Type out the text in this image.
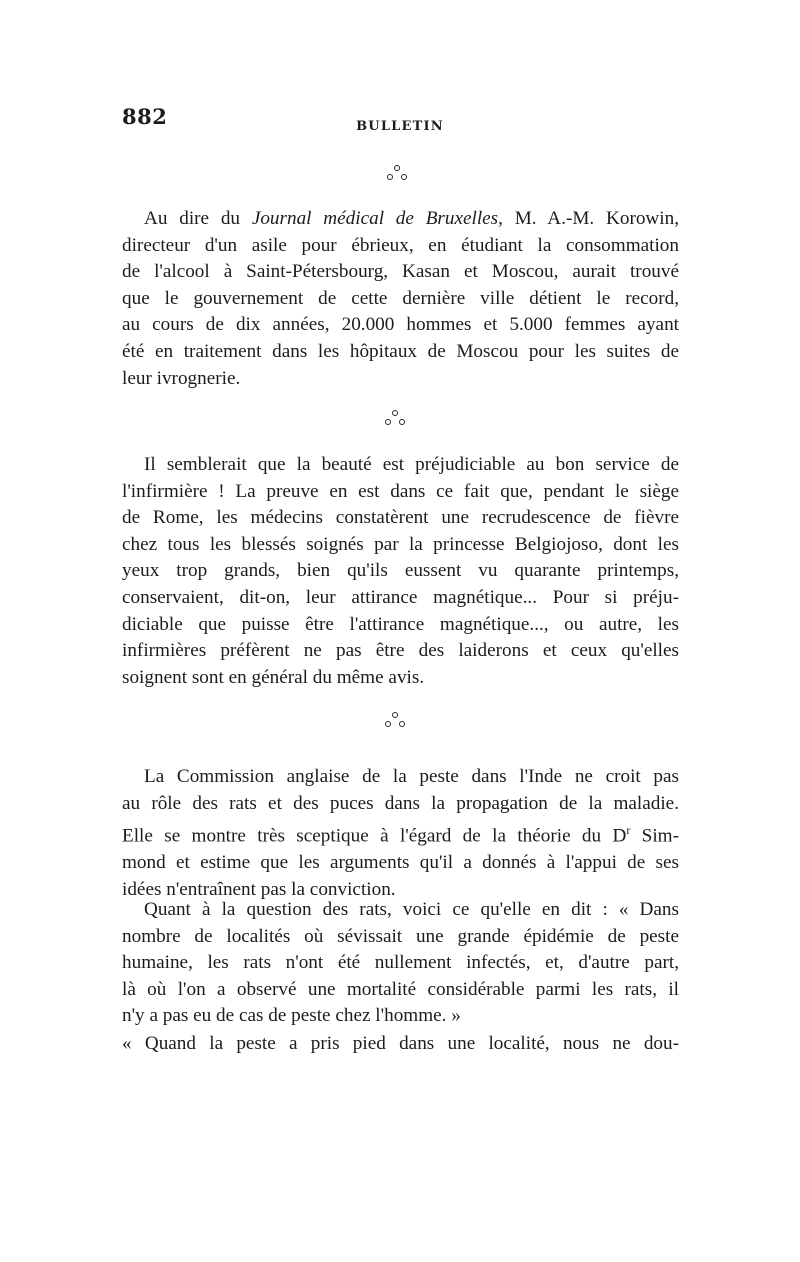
882	BULLETIN
Au dire du Journal médical de Bruxelles, M. A.-M. Korowin,
directeur d'un asile pour ébrieux, en étudiant la consommation
de l'alcool à Saint-Pétersbourg, Kasan et Moscou, aurait trouvé
que le gouvernement de cette dernière ville détient le record,
au cours de dix années, 20.000 hommes et 5.000 femmes ayant
été en traitement dans les hôpitaux de Moscou pour les suites de
leur ivrognerie.
Il semblerait que la beauté est préjudiciable au bon service de
l'infirmière ! La preuve en est dans ce fait que, pendant le siège
de Rome, les médecins constatèrent une recrudescence de fièvre
chez tous les blessés soignés par la princesse Belgiojoso, dont les
yeux trop grands, bien qu'ils eussent vu quarante printemps,
conservaient, dit-on, leur attirance magnétique... Pour si préju-
diciable que puisse être l'attirance magnétique..., ou autre, les
infirmières préfèrent ne pas être des laiderons et ceux qu'elles
soignent sont en général du même avis.
La Commission anglaise de la peste dans l'Inde ne croit pas
au rôle des rats et des puces dans la propagation de la maladie.
Elle se montre très sceptique à l'égard de la théorie du $D^r$ Sim-
mond et estime que les arguments qu'il a donnés à l'appui de ses
idées n'entraînent pas la conviction.
Quant à la question des rats, voici ce qu'elle en dit : « Dans
nombre de localités où sévissait une grande épidémie de peste
humaine, les rats n'ont été nullement infectés, et, d'autre part,
là où l'on a observé une mortalité considérable parmi les rats, il
n'y a pas eu de cas de peste chez l'homme. »
« Quand la peste a pris pied dans une localité, nous ne dou-
